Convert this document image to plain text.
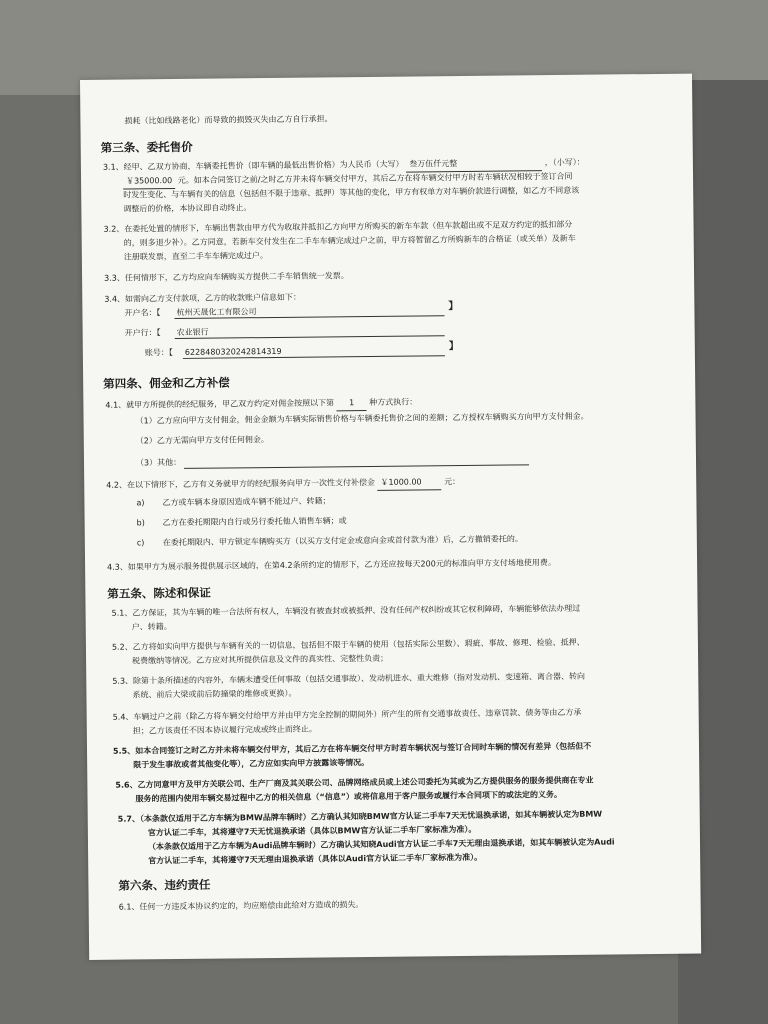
损耗（比如线路老化）而导致的损毁灭失由乙方自行承担。
第三条、委托售价
3.1、经甲、乙双方协商，车辆委托售价（即车辆的最低出售价格）为人民币（大写） 叁万伍仟元整	，（小写）：
￥35000.00 元。如本合同签订之前/之时乙方并未将车辆交付甲方，其后乙方在将车辆交付甲方时若车辆状况相较于签订合同
时发生变化、与车辆有关的信息（包括但不限于违章、抵押）等其他的变化，甲方有权单方对车辆价款进行调整，如乙方不同意该
调整后的价格，本协议即自动终止。
3.2、在委托处置的情形下，车辆出售款由甲方代为收取并抵扣乙方向甲方所购买的新车车款（但车款超出或不足双方约定的抵扣部分
的，则多退少补）。乙方同意，若新车交付发生在二手车车辆完成过户之前，甲方将暂留乙方所购新车的合格证（或关单）及新车
注册联发票，直至二手车车辆完成过户。
3.3、任何情形下，乙方均应向车辆购买方提供二手车销售统一发票。
3.4、如需向乙方支付款项，乙方的收款账户信息如下：
开户名：【 杭州天晟化工有限公司	】
开户行：【 农业银行
账号：【 6228480320242814319	】
第四条、佣金和乙方补偿
4.1、就甲方所提供的经纪服务，甲乙双方约定对佣金按照以下第 1 种方式执行：
（1）乙方应向甲方支付佣金，佣金金额为车辆实际销售价格与车辆委托售价之间的差额；乙方授权车辆购买方向甲方支付佣金。
（2）乙方无需向甲方支付任何佣金。
（3）其他：
4.2、在以下情形下，乙方有义务就甲方的经纪服务向甲方一次性支付补偿金 ￥1000.00	元：
a) 乙方或车辆本身原因造成车辆不能过户、转籍；
b) 乙方在委托期限内自行或另行委托他人销售车辆；或
c) 在委托期限内、甲方锁定车辆购买方（以买方支付定金或意向金或首付款为准）后，乙方撤销委托的。
4.3、如果甲方为展示服务提供展示区域的，在第4.2条所约定的情形下，乙方还应按每天200元的标准向甲方支付场地使用费。
第五条、陈述和保证
5.1、乙方保证，其为车辆的唯一合法所有权人，车辆没有被查封或被抵押、没有任何产权纠纷或其它权利障碍，车辆能够依法办理过
户、转籍。
5.2、乙方将如实向甲方提供与车辆有关的一切信息，包括但不限于车辆的使用（包括实际公里数）、瑕疵、事故、修理、检验、抵押、
税费缴纳等情况。乙方应对其所提供信息及文件的真实性、完整性负责；
5.3、除第十条所描述的内容外，车辆未遭受任何事故（包括交通事故）、发动机进水、重大维修（指对发动机、变速箱、离合器、转向
系统、前后大梁或前后防撞梁的维修或更换）。
5.4、车辆过户之前（除乙方将车辆交付给甲方并由甲方完全控制的期间外）所产生的所有交通事故责任、违章罚款、债务等由乙方承
担；乙方该责任不因本协议履行完成或终止而终止。
5.5、如本合同签订之时乙方并未将车辆交付甲方，其后乙方在将车辆交付甲方时若车辆状况与签订合同时车辆的情况有差异（包括但不
限于发生事故或者其他变化等），乙方应如实向甲方披露该等情况。
5.6、乙方同意甲方及甲方关联公司、生产厂商及其关联公司、品牌网络成员或上述公司委托为其或为乙方提供服务的服务提供商在专业
服务的范围内使用车辆交易过程中乙方的相关信息（“信息”）或将信息用于客户服务或履行本合同项下的或法定的义务。
5.7、（本条款仅适用于乙方车辆为BMW品牌车辆时）乙方确认其知晓BMW官方认证二手车7天无忧退换承诺，如其车辆被认定为BMW
官方认证二手车，其将遵守7天无忧退换承诺（具体以BMW官方认证二手车厂家标准为准）。
（本条款仅适用于乙方车辆为Audi品牌车辆时）乙方确认其知晓Audi官方认证二手车7天无理由退换承诺，如其车辆被认定为Audi
官方认证二手车，其将遵守7天无理由退换承诺（具体以Audi官方认证二手车厂家标准为准）。
第六条、违约责任
6.1、任何一方违反本协议约定的，均应赔偿由此给对方造成的损失。
